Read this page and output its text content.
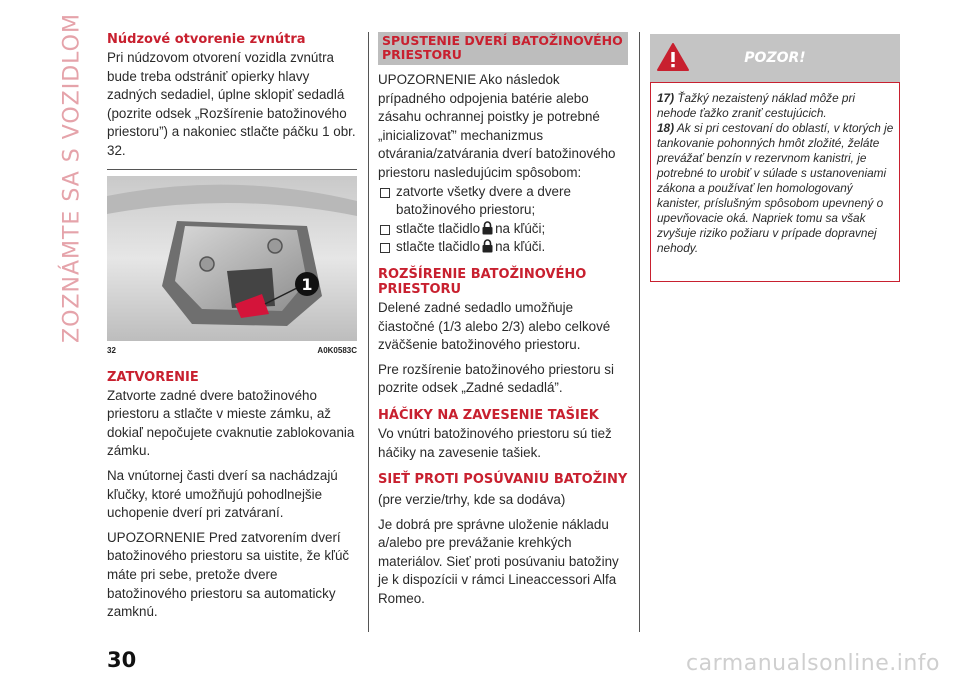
ZOZNÁMTE SA S VOZIDLOM Núdzové otvorenie zvnútra

Pri núdzovom otvorení vozidla zvnútra bude treba odstrániť opierky hlavy zadných sedadiel, úplne sklopiť sedadlá (pozrite odsek „Rozšírenie batožinového priestoru”) a nakoniec stlačte páčku 1 obr. 32.

1
32	A0K0583C
ZATVORENIE

Zatvorte zadné dvere batožinového priestoru a stlačte v mieste zámku, až dokiaľ nepočujete cvaknutie zablokovania zámku.

Na vnútornej časti dverí sa nachádzajú kľučky, ktoré umožňujú pohodlnejšie uchopenie dverí pri zatváraní.

UPOZORNENIE Pred zatvorením dverí batožinového priestoru sa uistite, že kľúč máte pri sebe, pretože dvere batožinového priestoru sa automaticky zamknú.

SPUSTENIE DVERÍ BATOŽINOVÉHO PRIESTORU

UPOZORNENIE Ako následok prípadného odpojenia batérie alebo zásahu ochrannej poistky je potrebné „inicializovať” mechanizmus otvárania/zatvárania dverí batožinového priestoru nasledujúcim spôsobom:

zatvorte všetky dvere a dvere batožinového priestoru;
stlačte tlačidlo na kľúči;
stlačte tlačidlo na kľúči.
ROZŠÍRENIE BATOŽINOVÉHO PRIESTORU

Delené zadné sedadlo umožňuje čiastočné (1/3 alebo 2/3) alebo celkové zväčšenie batožinového priestoru.

Pre rozšírenie batožinového priestoru si pozrite odsek „Zadné sedadlá”.

HÁČIKY NA ZAVESENIE TAŠIEK

Vo vnútri batožinového priestoru sú tiež háčiky na zavesenie tašiek.

SIEŤ PROTI POSÚVANIU BATOŽINY

(pre verzie/trhy, kde sa dodáva)

Je dobrá pre správne uloženie nákladu a/alebo pre prevážanie krehkých materiálov. Sieť proti posúvaniu batožiny je k dispozícii v rámci Lineaccessori Alfa Romeo.

POZOR!

17) Ťažký nezaistený náklad môže pri nehode ťažko zraniť cestujúcich.

18) Ak si pri cestovaní do oblastí, v ktorých je tankovanie pohonných hmôt zložité, želáte prevážať benzín v rezervnom kanistri, je potrebné to urobiť v súlade s ustanoveniami zákona a používať len homologovaný kanister, príslušným spôsobom upevnený o upevňovacie oká. Napriek tomu sa však zvyšuje riziko požiaru v prípade dopravnej nehody.

30	carmanualsonline.info
